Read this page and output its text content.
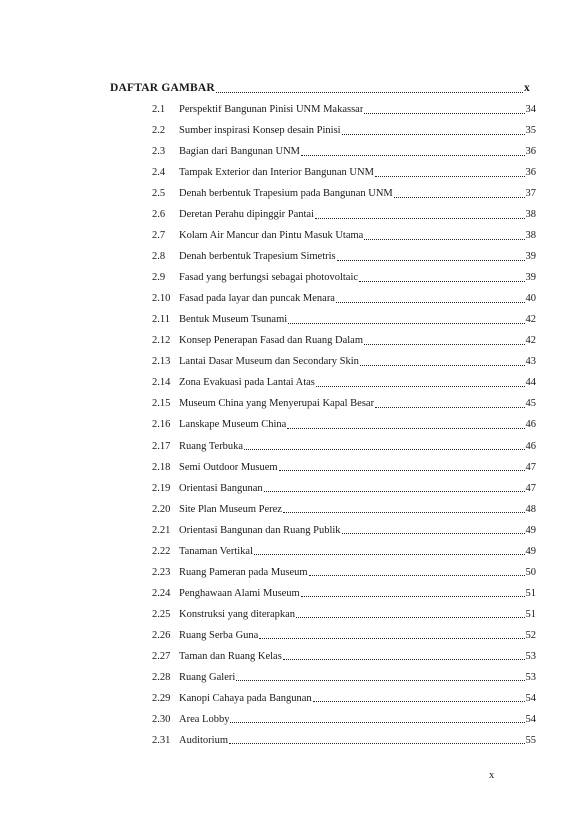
DAFTAR GAMBAR	x
2.1	Perspektif Bangunan Pinisi UNM Makassar	34
2.2	Sumber inspirasi Konsep desain Pinisi	35
2.3	Bagian dari Bangunan UNM	36
2.4	Tampak Exterior dan Interior Bangunan UNM	36
2.5	Denah berbentuk Trapesium pada Bangunan UNM	37
2.6	Deretan Perahu dipinggir Pantai	38
2.7	Kolam Air Mancur dan Pintu Masuk Utama	38
2.8	Denah berbentuk Trapesium Simetris	39
2.9	Fasad yang berfungsi sebagai photovoltaic	39
2.10 Fasad pada layar dan puncak Menara	40
2.11 Bentuk Museum Tsunami	42
2.12 Konsep Penerapan Fasad dan Ruang Dalam	42
2.13 Lantai Dasar Museum dan Secondary Skin	43
2.14 Zona Evakuasi pada Lantai Atas	44
2.15 Museum China yang Menyerupai Kapal Besar	45
2.16 Lanskape Museum China	46
2.17 Ruang Terbuka	46
2.18 Semi Outdoor Musuem	47
2.19 Orientasi Bangunan	47
2.20 Site Plan Museum Perez	48
2.21 Orientasi Bangunan dan Ruang Publik	49
2.22 Tanaman Vertikal	49
2.23 Ruang Pameran pada Museum	50
2.24 Penghawaan Alami Museum	51
2.25 Konstruksi yang diterapkan	51
2.26 Ruang Serba Guna	52
2.27 Taman dan Ruang Kelas	53
2.28 Ruang Galeri	53
2.29 Kanopi Cahaya pada Bangunan	54
2.30 Area Lobby	54
2.31 Auditorium	55
x
